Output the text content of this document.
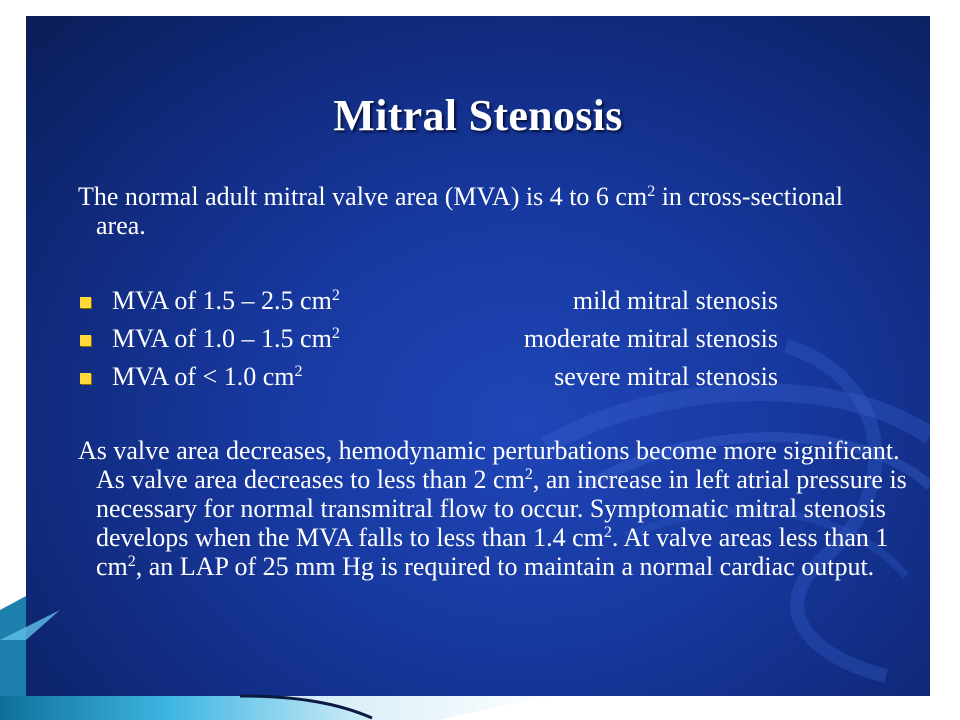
Mitral Stenosis

The normal adult mitral valve area (MVA) is 4 to 6 $cm^2$ in cross-sectional area.

MVA of 1.5 – 2.5 $cm^2$	mild mitral stenosis
MVA of 1.0 – 1.5 $cm^2$	moderate mitral stenosis
MVA of < 1.0 $cm^2$	severe mitral stenosis

As valve area decreases, hemodynamic perturbations become more significant. As valve area decreases to less than 2 $cm^2$, an increase in left atrial pressure is necessary for normal transmitral flow to occur. Symptomatic mitral stenosis develops when the MVA falls to less than 1.4 $cm^2$. At valve areas less than 1 $cm^2$, an LAP of 25 mm Hg is required to maintain a normal cardiac output.
